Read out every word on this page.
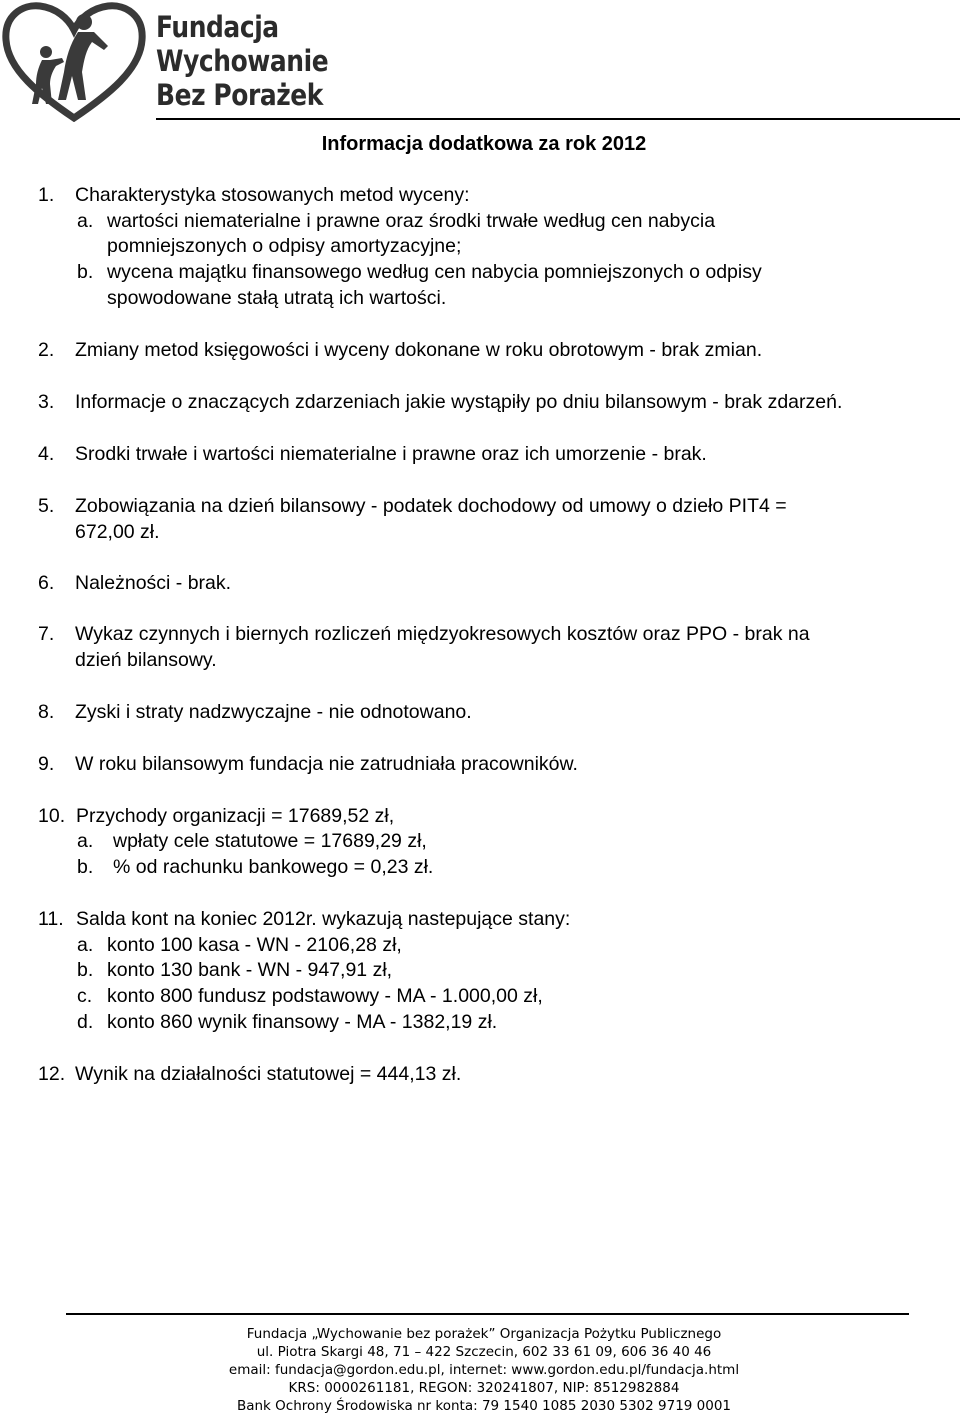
Fundacja
Wychowanie
Bez Porażek
Informacja dodatkowa za rok 2012
1. Charakterystyka stosowanych metod wyceny:
a. wartości niematerialne i prawne oraz środki trwałe według cen nabycia
pomniejszonych o odpisy amortyzacyjne;
b. wycena majątku finansowego według cen nabycia pomniejszonych o odpisy
spowodowane stałą utratą ich wartości.
2. Zmiany metod księgowości i wyceny dokonane w roku obrotowym - brak zmian.
3. Informacje o znaczących zdarzeniach jakie wystąpiły po dniu bilansowym - brak zdarzeń.
4. Srodki trwałe i wartości niematerialne i prawne oraz ich umorzenie - brak.
5. Zobowiązania na dzień bilansowy - podatek dochodowy od umowy o dzieło PIT4 =
672,00 zł.
6. Należności - brak.
7. Wykaz czynnych i biernych rozliczeń międzyokresowych kosztów oraz PPO - brak na
dzień bilansowy.
8. Zyski i straty nadzwyczajne - nie odnotowano.
9. W roku bilansowym fundacja nie zatrudniała pracowników.
10. Przychody organizacji = 17689,52 zł,
a. wpłaty cele statutowe = 17689,29 zł,
b. % od rachunku bankowego = 0,23 zł.
11. Salda kont na koniec 2012r. wykazują nastepujące stany:
a. konto 100 kasa - WN - 2106,28 zł,
b. konto 130 bank - WN - 947,91 zł,
c. konto 800 fundusz podstawowy - MA - 1.000,00 zł,
d. konto 860 wynik finansowy - MA - 1382,19 zł.
12. Wynik na działalności statutowej = 444,13 zł.
Fundacja „Wychowanie bez porażek” Organizacja Pożytku Publicznego
ul. Piotra Skargi 48, 71 – 422 Szczecin, 602 33 61 09, 606 36 40 46
email: fundacja@gordon.edu.pl, internet: www.gordon.edu.pl/fundacja.html
KRS: 0000261181, REGON: 320241807, NIP: 8512982884
Bank Ochrony Środowiska nr konta: 79 1540 1085 2030 5302 9719 0001
